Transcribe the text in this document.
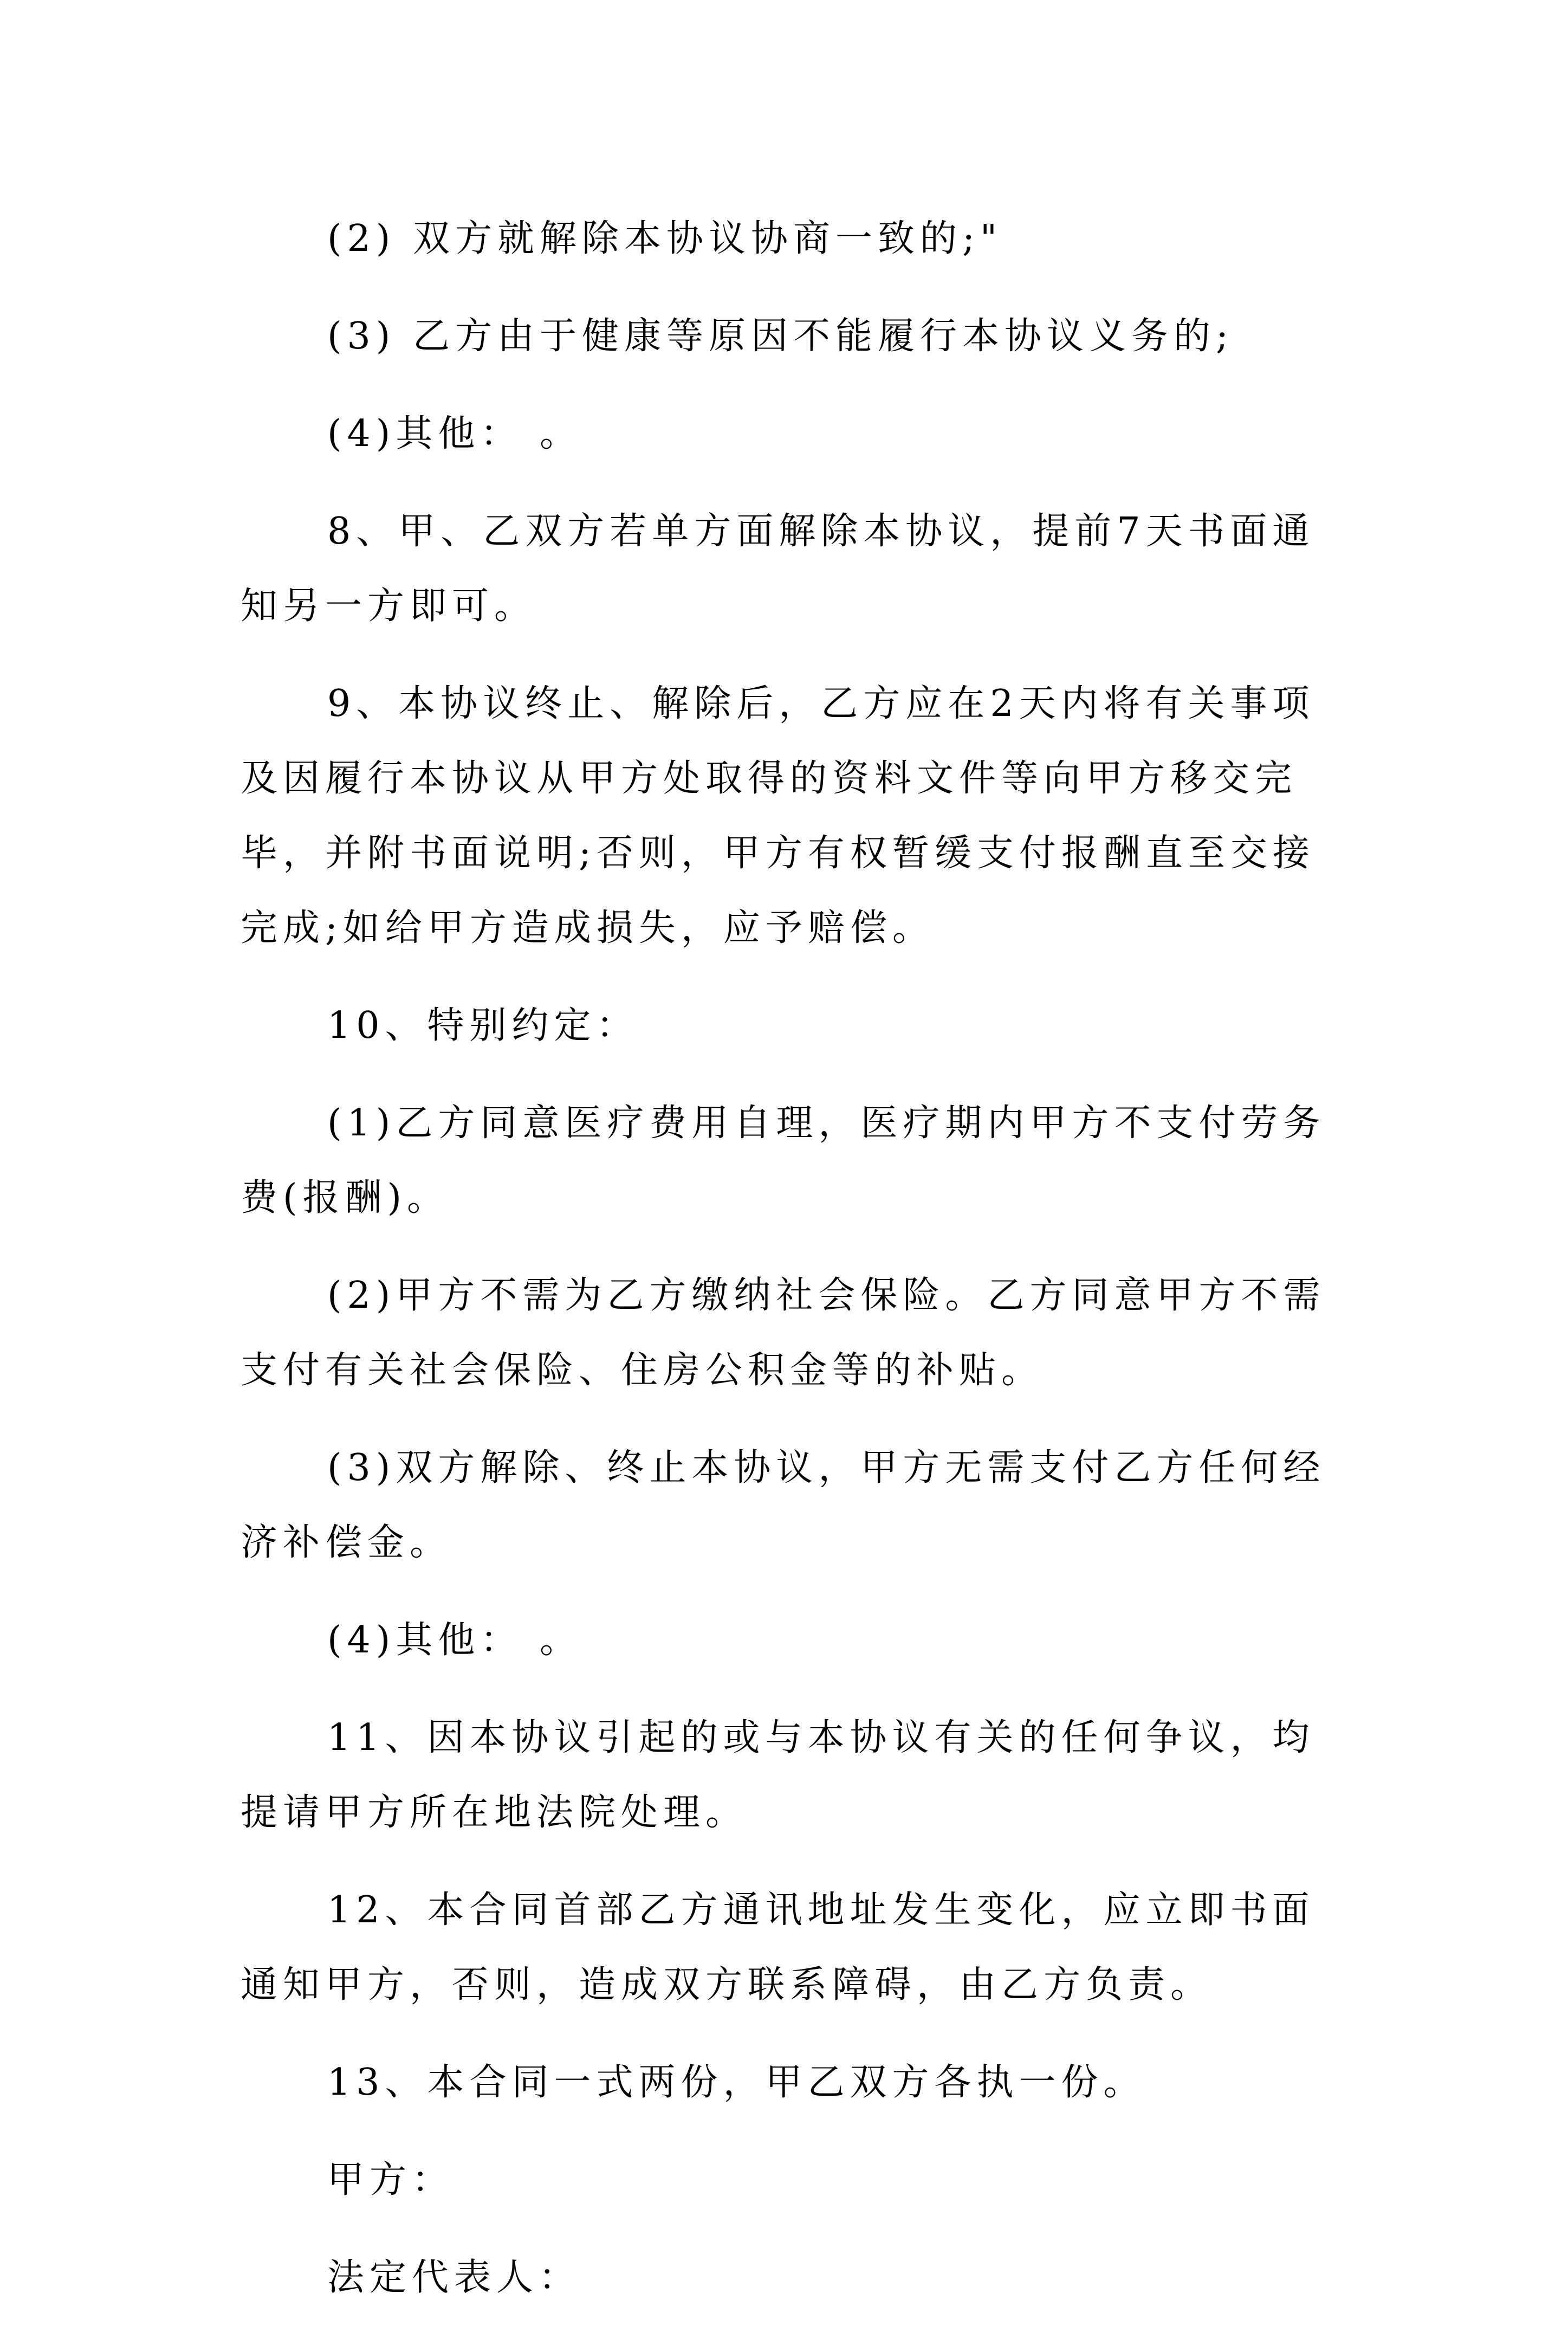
(2) 双方就解除本协议协商一致的;"

(3) 乙方由于健康等原因不能履行本协议义务的;

(4)其他： 。

8、甲、乙双方若单方面解除本协议，提前7天书面通知另一方即可。

9、本协议终止、解除后，乙方应在2天内将有关事项及因履行本协议从甲方处取得的资料文件等向甲方移交完毕，并附书面说明;否则，甲方有权暂缓支付报酬直至交接完成;如给甲方造成损失，应予赔偿。

10、特别约定：

(1)乙方同意医疗费用自理，医疗期内甲方不支付劳务费(报酬)。

(2)甲方不需为乙方缴纳社会保险。乙方同意甲方不需支付有关社会保险、住房公积金等的补贴。

(3)双方解除、终止本协议，甲方无需支付乙方任何经济补偿金。

(4)其他： 。

11、因本协议引起的或与本协议有关的任何争议，均提请甲方所在地法院处理。

12、本合同首部乙方通讯地址发生变化，应立即书面通知甲方，否则，造成双方联系障碍，由乙方负责。

13、本合同一式两份，甲乙双方各执一份。

甲方：

法定代表人：
